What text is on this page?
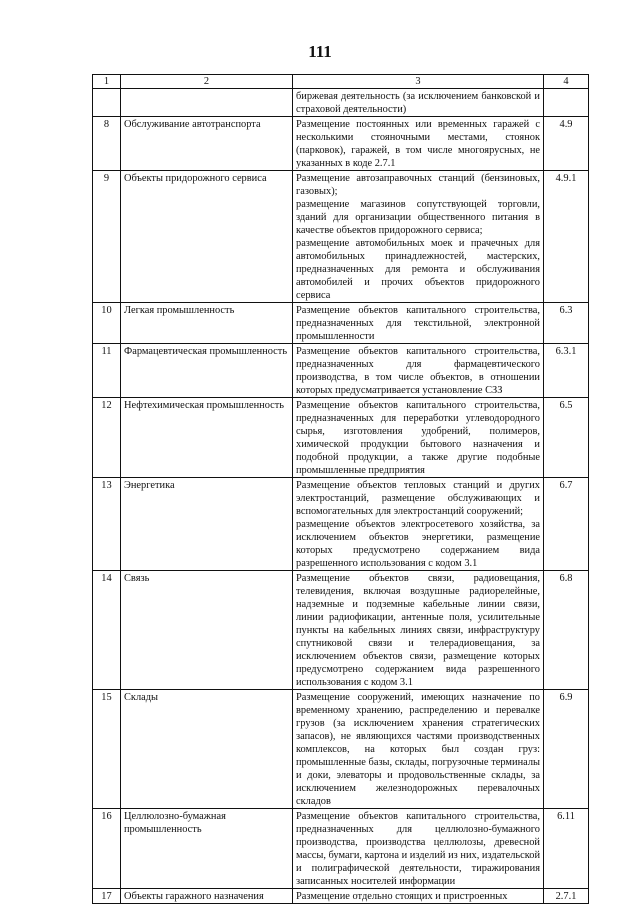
111
1	2	3	4

		биржевая деятельность (за исключением банковской и страховой деятельности)	

8	Обслуживание автотранспорта	Размещение постоянных или временных гаражей с несколькими стояночными местами, стоянок (парковок), гаражей, в том числе многоярусных, не указанных в коде 2.7.1	4.9
9	Объекты придорожного сервиса	Размещение автозаправочных станций (бензиновых, газовых);
размещение магазинов сопутствующей торговли, зданий для организации общественного питания в качестве объектов придорожного сервиса;
размещение автомобильных моек и прачечных для автомобильных принадлежностей, мастерских, предназначенных для ремонта и обслуживания автомобилей и прочих объектов придорожного сервиса	4.9.1
10	Легкая промышленность	Размещение объектов капитального строительства, предназначенных для текстильной, электронной промышленности	6.3
11	Фармацевтическая промышленность	Размещение объектов капитального строительства, предназначенных для фармацевтического производства, в том числе объектов, в отношении которых предусматривается установление СЗЗ	6.3.1
12	Нефтехимическая промышленность	Размещение объектов капитального строительства, предназначенных для переработки углеводородного сырья, изготовления удобрений, полимеров, химической продукции бытового назначения и подобной продукции, а также другие подобные промышленные предприятия	6.5
13	Энергетика	Размещение объектов тепловых станций и других электростанций, размещение обслуживающих и вспомогательных для электростанций сооружений;
размещение объектов электросетевого хозяйства, за исключением объектов энергетики, размещение которых предусмотрено содержанием вида разрешенного использования с кодом 3.1	6.7
14	Связь	Размещение объектов связи, радиовещания, телевидения, включая воздушные радиорелейные, надземные и подземные кабельные линии связи, линии радиофикации, антенные поля, усилительные пункты на кабельных линиях связи, инфраструктуру спутниковой связи и телерадиовещания, за исключением объектов связи, размещение которых предусмотрено содержанием вида разрешенного использования с кодом 3.1	6.8
15	Склады	Размещение сооружений, имеющих назначение по временному хранению, распределению и перевалке грузов (за исключением хранения стратегических запасов), не являющихся частями производственных комплексов, на которых был создан груз: промышленные базы, склады, погрузочные терминалы и доки, элеваторы и продовольственные склады, за исключением железнодорожных перевалочных складов	6.9
16	Целлюлозно-бумажная промышленность	Размещение объектов капитального строительства, предназначенных для целлюлозно-бумажного производства, производства целлюлозы, древесной массы, бумаги, картона и изделий из них, издательской и полиграфической деятельности, тиражирования записанных носителей информации	6.11
17	Объекты гаражного назначения	Размещение отдельно стоящих и пристроенных	2.7.1
